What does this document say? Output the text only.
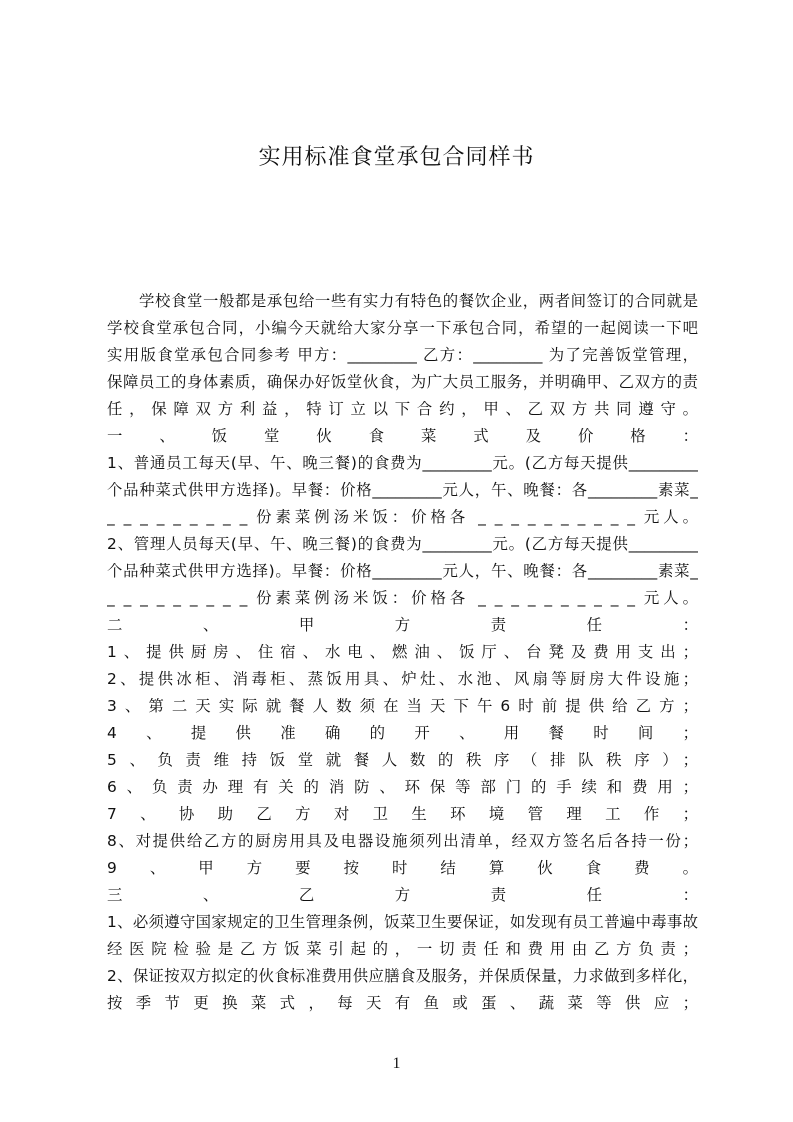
实用标准食堂承包合同样书
学校食堂一般都是承包给一些有实力有特色的餐饮企业，两者间签订的合同就是
学校食堂承包合同，小编今天就给大家分享一下承包合同，希望的一起阅读一下吧
实用版食堂承包合同参考 甲方：_________ 乙方：_________ 为了完善饭堂管理，
保障员工的身体素质，确保办好饭堂伙食，为广大员工服务，并明确甲、乙双方的责
任，保障双方利益，特订立以下合约，甲、乙双方共同遵守。
一、饭堂伙食菜式及价格：
1、普通员工每天(早、午、晚三餐)的食费为_________元。(乙方每天提供_________
个品种菜式供甲方选择)。早餐：价格_________元人，午、晚餐：各_________素菜_
_ _ _ _ _ _ _ _ _ 份素菜例汤米饭：价格各 _ _ _ _ _ _ _ _ _ _ 元人。
2、管理人员每天(早、午、晚三餐)的食费为_________元。(乙方每天提供_________
个品种菜式供甲方选择)。早餐：价格_________元人，午、晚餐：各_________素菜_
_ _ _ _ _ _ _ _ _ 份素菜例汤米饭：价格各 _ _ _ _ _ _ _ _ _ _ 元人。
二、甲方责任：
1、提供厨房、住宿、水电、燃油、饭厅、台凳及费用支出；
2、提供冰柜、消毒柜、蒸饭用具、炉灶、水池、风扇等厨房大件设施；
3、第二天实际就餐人数须在当天下午6时前提供给乙方；
4、提供准确的开、用餐时间；
5、负责维持饭堂就餐人数的秩序（排队秩序）；
6、负责办理有关的消防、环保等部门的手续和费用；
7、协助乙方对卫生环境管理工作；
8、对提供给乙方的厨房用具及电器设施须列出清单，经双方签名后各持一份；
9、甲方要按时结算伙食费。
三、乙方责任：
1、必须遵守国家规定的卫生管理条例，饭菜卫生要保证，如发现有员工普遍中毒事故
经医院检验是乙方饭菜引起的，一切责任和费用由乙方负责；
2、保证按双方拟定的伙食标准费用供应膳食及服务，并保质保量，力求做到多样化，
按季节更换菜式，每天有鱼或蛋、蔬菜等供应；
1
